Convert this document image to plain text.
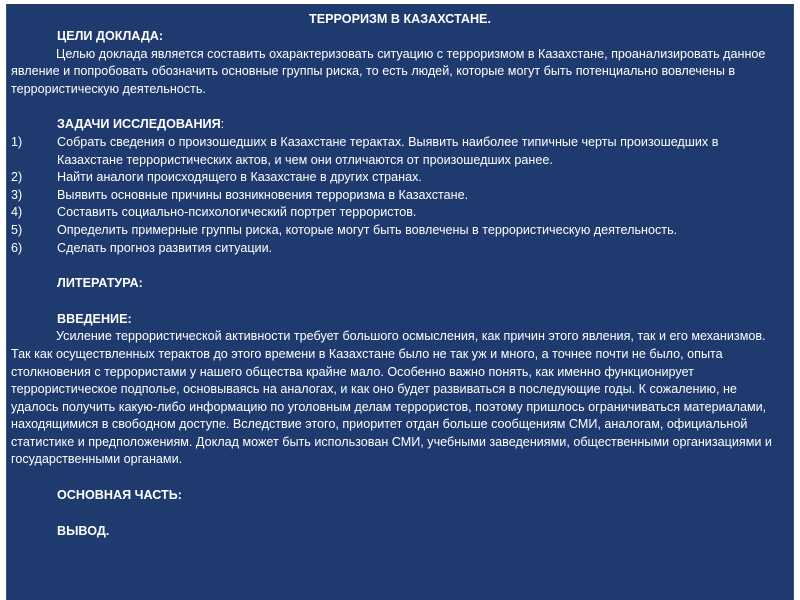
ТЕРРОРИЗМ В КАЗАХСТАНЕ.
ЦЕЛИ ДОКЛАДА:

Целью доклада является составить охарактеризовать ситуацию с терроризмом в Казахстане, проанализировать данное явление и попробовать обозначить основные группы риска, то есть людей, которые могут быть потенциально вовлечены в террористическую деятельность.

ЗАДАЧИ ИССЛЕДОВАНИЯ:
1)	Собрать сведения о произошедших в Казахстане терактах. Выявить наиболее типичные черты произошедших в Казахстане террористических актов, и чем они отличаются от произошедших ранее.
2)	Найти аналоги происходящего в Казахстане в других странах.
3)	Выявить основные причины возникновения терроризма в Казахстане.
4)	Составить социально-психологический портрет террористов.
5)	Определить примерные группы риска, которые могут быть вовлечены в террористическую деятельность.
6)	Сделать прогноз развития ситуации.
ЛИТЕРАТУРА:
ВВЕДЕНИЕ:

Усиление террористической активности требует большого осмысления, как причин этого явления, так и его механизмов. Так как осуществленных терактов до этого времени в Казахстане было не так уж и много, а точнее почти не было, опыта столкновения с террористами у нашего общества крайне мало. Особенно важно понять, как именно функционирует террористическое подполье, основываясь на аналогах, и как оно будет развиваться в последующие годы. К сожалению, не удалось получить какую-либо информацию по уголовным делам террористов, поэтому пришлось ограничиваться материалами, находящимися в свободном доступе. Вследствие этого, приоритет отдан больше сообщениям СМИ, аналогам, официальной статистике и предположениям. Доклад может быть использован СМИ, учебными заведениями, общественными организациями и государственными органами.

ОСНОВНАЯ ЧАСТЬ:
ВЫВОД.
